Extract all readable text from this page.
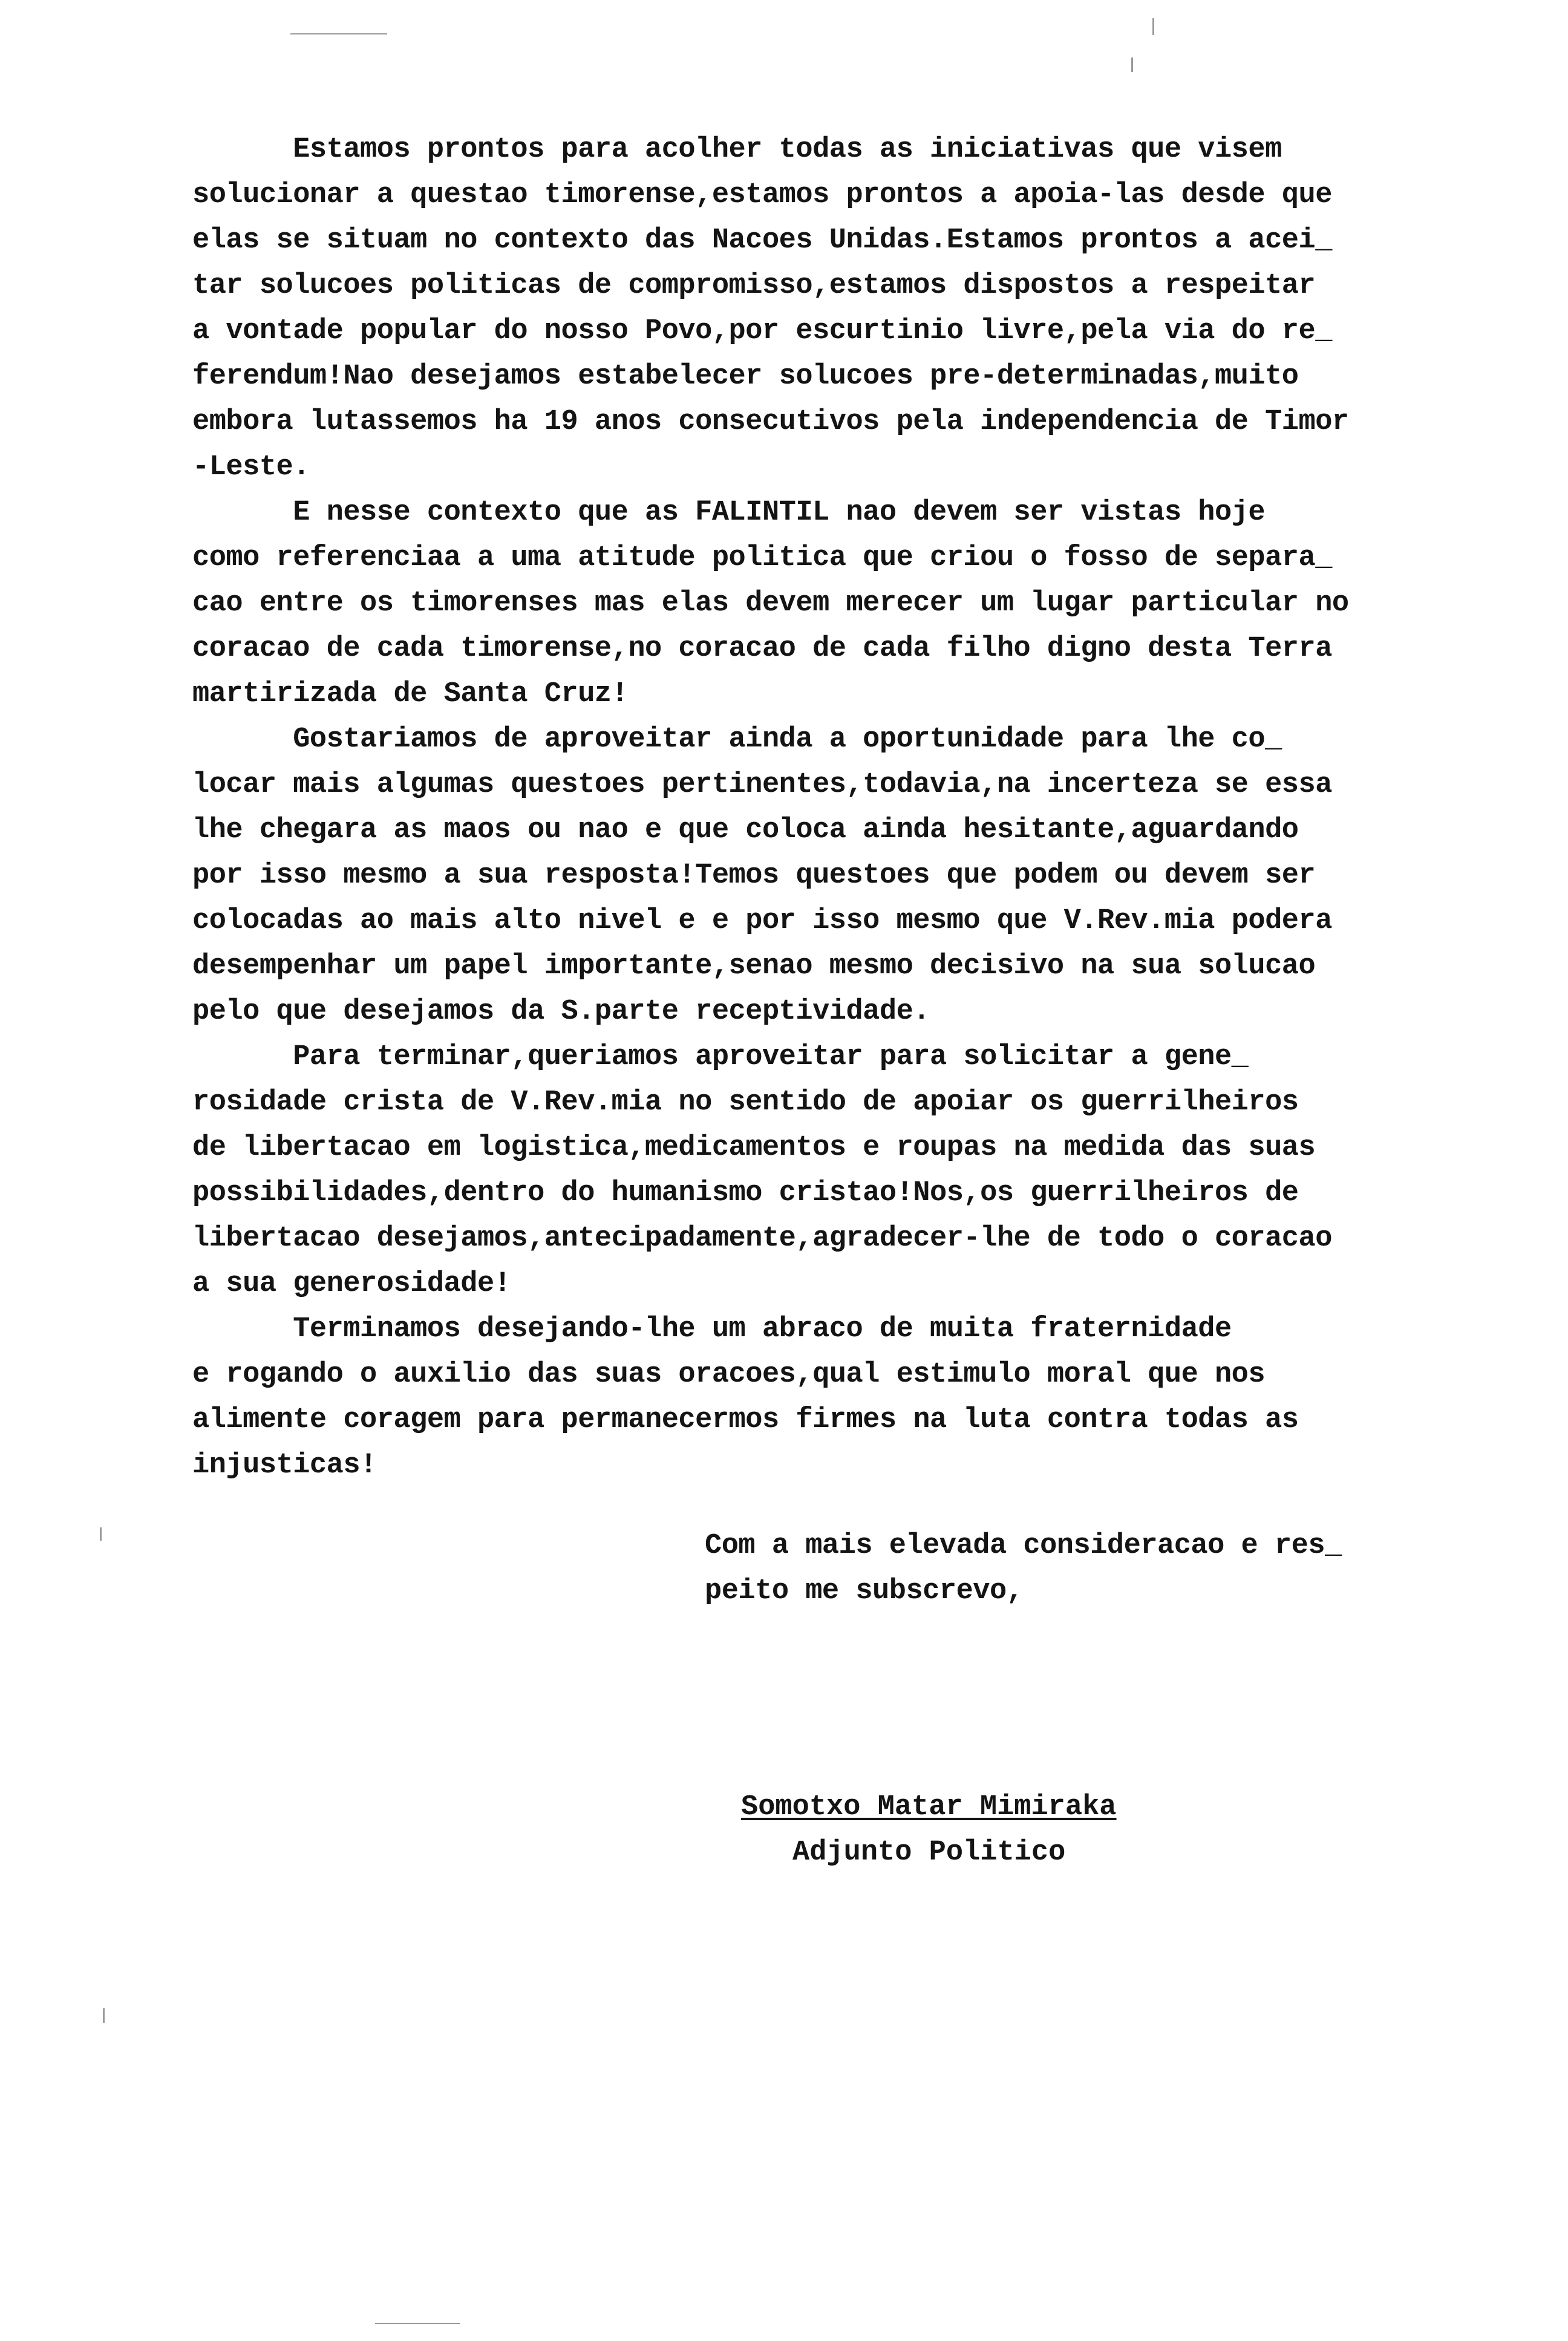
Estamos prontos para acolher todas as iniciativas que visem
solucionar a questao timorense,estamos prontos a apoia-las desde que
elas se situam no contexto das Nacoes Unidas.Estamos prontos a acei_
tar solucoes politicas de compromisso,estamos dispostos a respeitar
a vontade popular do nosso Povo,por escurtinio livre,pela via do re_
ferendum!Nao desejamos estabelecer solucoes pre-determinadas,muito
embora lutassemos ha 19 anos consecutivos pela independencia de Timor
-Leste.
E nesse contexto que as FALINTIL nao devem ser vistas hoje
como referenciaa a uma atitude politica que criou o fosso de separa_
cao entre os timorenses mas elas devem merecer um lugar particular no
coracao de cada timorense,no coracao de cada filho digno desta Terra
martirizada de Santa Cruz!
Gostariamos de aproveitar ainda a oportunidade para lhe co_
locar mais algumas questoes pertinentes,todavia,na incerteza se essa
lhe chegara as maos ou nao e que coloca ainda hesitante,aguardando
por isso mesmo a sua resposta!Temos questoes que podem ou devem ser
colocadas ao mais alto nivel e e por isso mesmo que V.Rev.mia podera
desempenhar um papel importante,senao mesmo decisivo na sua solucao
pelo que desejamos da S.parte receptividade.
Para terminar,queriamos aproveitar para solicitar a gene_
rosidade crista de V.Rev.mia no sentido de apoiar os guerrilheiros
de libertacao em logistica,medicamentos e roupas na medida das suas
possibilidades,dentro do humanismo cristao!Nos,os guerrilheiros de
libertacao desejamos,antecipadamente,agradecer-lhe de todo o coracao
a sua generosidade!
Terminamos desejando-lhe um abraco de muita fraternidade
e rogando o auxilio das suas oracoes,qual estimulo moral que nos
alimente coragem para permanecermos firmes na luta contra todas as
injusticas!
Com a mais elevada consideracao e res_
peito me subscrevo,
Somotxo Matar Mimiraka
Adjunto Politico
